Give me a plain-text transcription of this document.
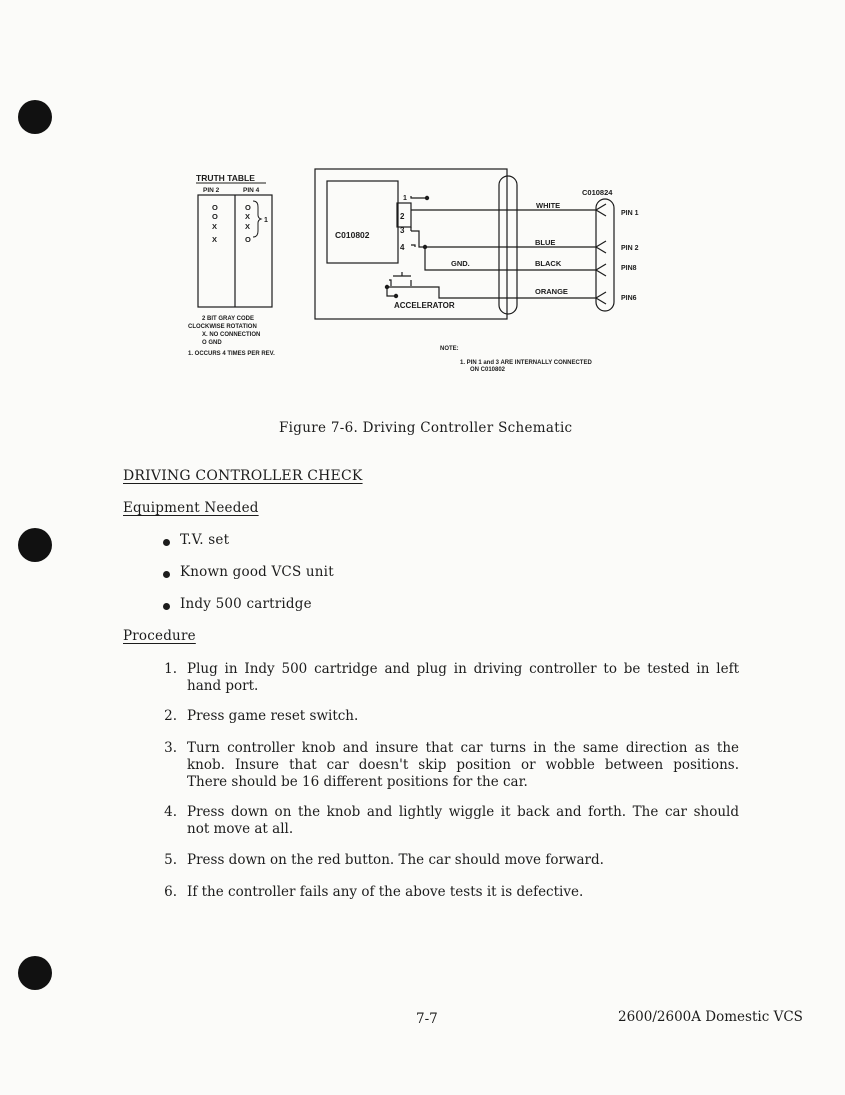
TRUTH TABLE
PIN 2	PIN 4
O
O
X
X
O
X
X
O
1
2 BIT GRAY CODE
CLOCKWISE ROTATION
X. NO CONNECTION
O GND
1. OCCURS 4 TIMES PER REV.
C010802
1
2
3
4
GND.
ACCELERATOR
C010824
WHITE
BLUE
BLACK
ORANGE
PIN 1
PIN 2
PIN8
PIN6
NOTE:
1. PIN 1 and 3 ARE INTERNALLY CONNECTED
ON C010802
Figure 7-6. Driving Controller Schematic
DRIVING CONTROLLER CHECK
Equipment Needed
T.V. set
Known good VCS unit
Indy 500 cartridge
Procedure
1. Plug in Indy 500 cartridge and plug in driving controller to be tested in left
hand port.
2. Press game reset switch.
3. Turn controller knob and insure that car turns in the same direction as the
knob. Insure that car doesn't skip position or wobble between positions.
There should be 16 different positions for the car.
4. Press down on the knob and lightly wiggle it back and forth. The car should
not move at all.
5. Press down on the red button. The car should move forward.
6. If the controller fails any of the above tests it is defective.
7-7	2600/2600A Domestic VCS
